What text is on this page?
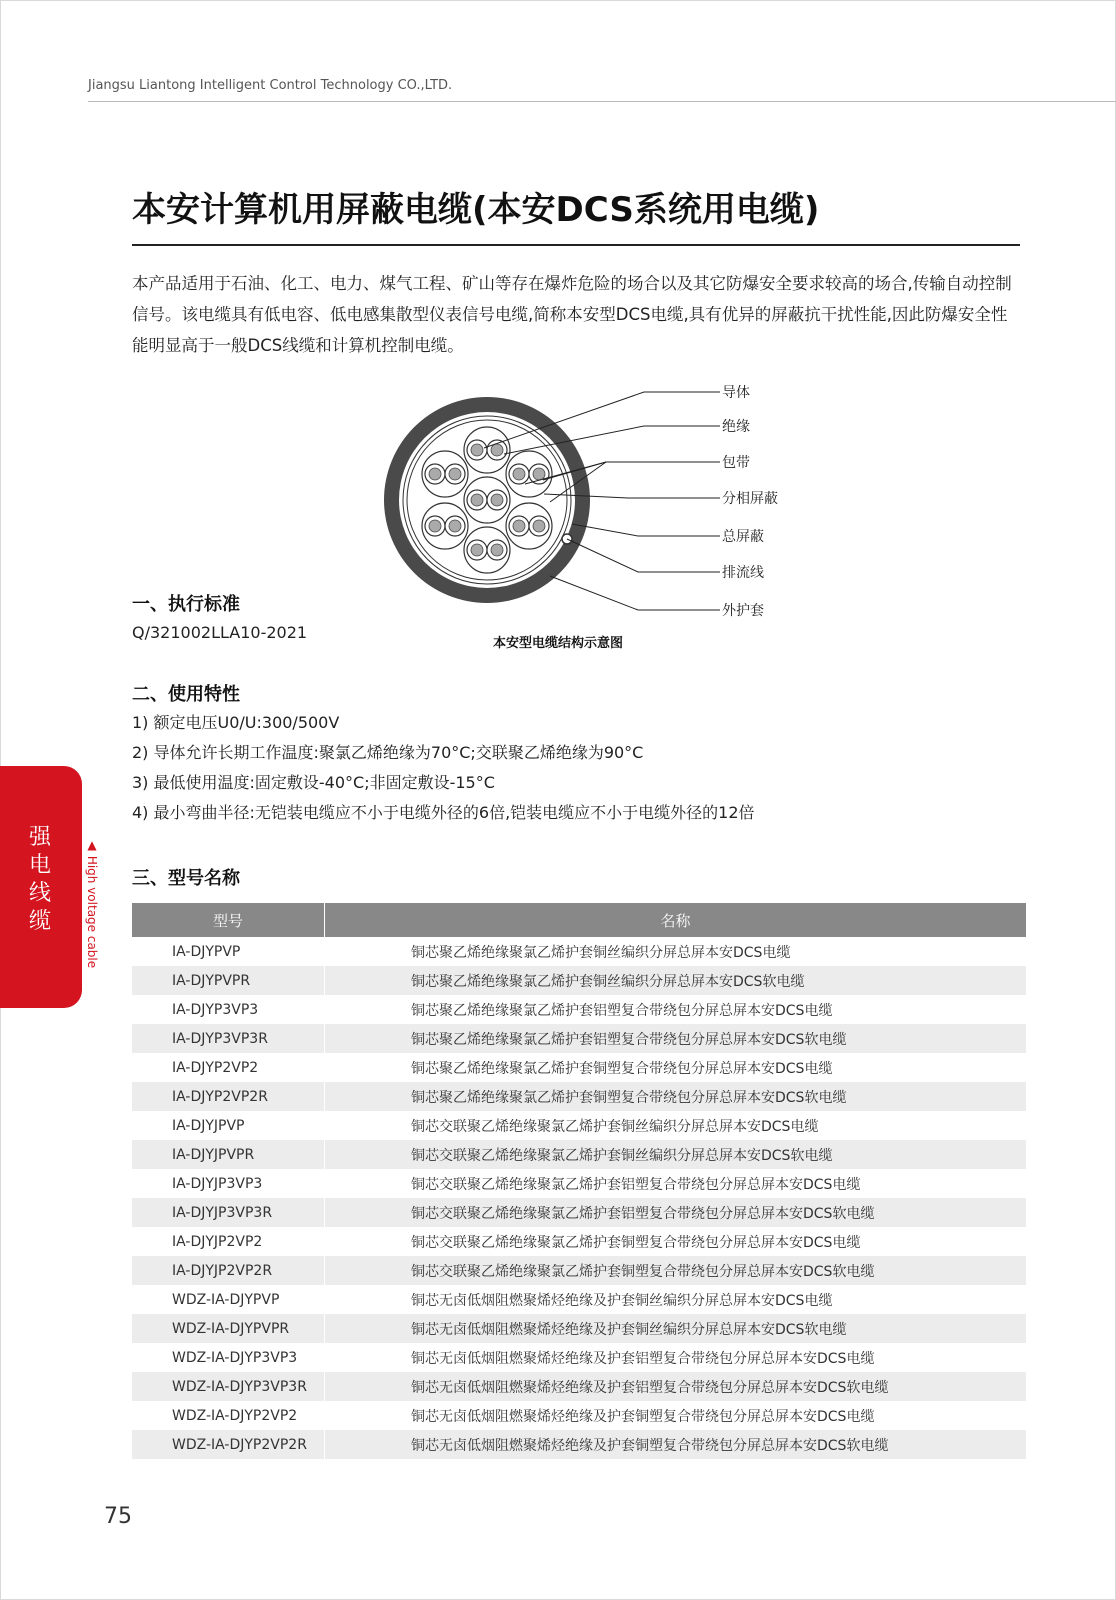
Jiangsu Liantong Intelligent Control Technology CO.,LTD.
本安计算机用屏蔽电缆(本安DCS系统用电缆)
本产品适用于石油、化工、电力、煤气工程、矿山等存在爆炸危险的场合以及其它防爆安全要求较高的场合,传输自动控制信号。该电缆具有低电容、低电感集散型仪表信号电缆,简称本安型DCS电缆,具有优异的屏蔽抗干扰性能,因此防爆安全性能明显高于一般DCS线缆和计算机控制电缆。
导体
绝缘
包带
分相屏蔽
总屏蔽
排流线
外护套
本安型电缆结构示意图
一、执行标准
Q/321002LLA10-2021
二、使用特性
1) 额定电压U0/U:300/500V
2) 导体允许长期工作温度:聚氯乙烯绝缘为70°C;交联聚乙烯绝缘为90°C
3) 最低使用温度:固定敷设-40°C;非固定敷设-15°C
4) 最小弯曲半径:无铠装电缆应不小于电缆外径的6倍,铠装电缆应不小于电缆外径的12倍
强电线缆	▲ High voltage cable 三、型号名称
型号	名称
IA-DJYPVP	铜芯聚乙烯绝缘聚氯乙烯护套铜丝编织分屏总屏本安DCS电缆
IA-DJYPVPR	铜芯聚乙烯绝缘聚氯乙烯护套铜丝编织分屏总屏本安DCS软电缆
IA-DJYP3VP3	铜芯聚乙烯绝缘聚氯乙烯护套铝塑复合带绕包分屏总屏本安DCS电缆
IA-DJYP3VP3R	铜芯聚乙烯绝缘聚氯乙烯护套铝塑复合带绕包分屏总屏本安DCS软电缆
IA-DJYP2VP2	铜芯聚乙烯绝缘聚氯乙烯护套铜塑复合带绕包分屏总屏本安DCS电缆
IA-DJYP2VP2R	铜芯聚乙烯绝缘聚氯乙烯护套铜塑复合带绕包分屏总屏本安DCS软电缆
IA-DJYJPVP	铜芯交联聚乙烯绝缘聚氯乙烯护套铜丝编织分屏总屏本安DCS电缆
IA-DJYJPVPR	铜芯交联聚乙烯绝缘聚氯乙烯护套铜丝编织分屏总屏本安DCS软电缆
IA-DJYJP3VP3	铜芯交联聚乙烯绝缘聚氯乙烯护套铝塑复合带绕包分屏总屏本安DCS电缆
IA-DJYJP3VP3R	铜芯交联聚乙烯绝缘聚氯乙烯护套铝塑复合带绕包分屏总屏本安DCS软电缆
IA-DJYJP2VP2	铜芯交联聚乙烯绝缘聚氯乙烯护套铜塑复合带绕包分屏总屏本安DCS电缆
IA-DJYJP2VP2R	铜芯交联聚乙烯绝缘聚氯乙烯护套铜塑复合带绕包分屏总屏本安DCS软电缆
WDZ-IA-DJYPVP	铜芯无卤低烟阻燃聚烯烃绝缘及护套铜丝编织分屏总屏本安DCS电缆
WDZ-IA-DJYPVPR	铜芯无卤低烟阻燃聚烯烃绝缘及护套铜丝编织分屏总屏本安DCS软电缆
WDZ-IA-DJYP3VP3	铜芯无卤低烟阻燃聚烯烃绝缘及护套铝塑复合带绕包分屏总屏本安DCS电缆
WDZ-IA-DJYP3VP3R	铜芯无卤低烟阻燃聚烯烃绝缘及护套铝塑复合带绕包分屏总屏本安DCS软电缆
WDZ-IA-DJYP2VP2	铜芯无卤低烟阻燃聚烯烃绝缘及护套铜塑复合带绕包分屏总屏本安DCS电缆
WDZ-IA-DJYP2VP2R	铜芯无卤低烟阻燃聚烯烃绝缘及护套铜塑复合带绕包分屏总屏本安DCS软电缆
75
